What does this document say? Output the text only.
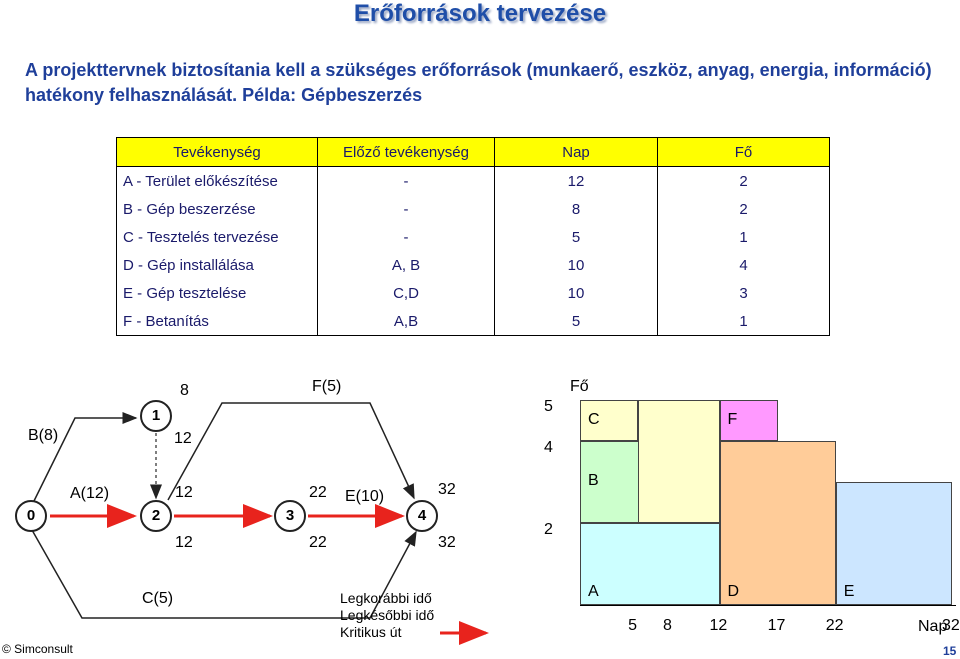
Erőforrások tervezése
A projekttervnek biztosítania kell a szükséges erőforrások (munkaerő, eszköz, anyag, energia, információ) hatékony felhasználását. Példa: Gépbeszerzés
Tevékenység	Előző tevékenység	Nap	Fő
A - Terület előkészítése	-	12	2
B - Gép beszerzése	-	8	2
C - Tesztelés tervezése	-	5	1
D - Gép installálása	A, B	10	4
E - Gép tesztelése	C,D	10	3
F - Betanítás	A,B	5	1
0
1
2	3	4
B(8)
A(12)
F(5)
E(10)
C(5)
8
12
12
12
22
22
32
32
Legkorábbi idő
Legkésőbbi idő
Kritikus út
A
B
C
D
F
E
5 8 12	17	22	32
2
4
5
Fő
Nap
© Simconsult	15
